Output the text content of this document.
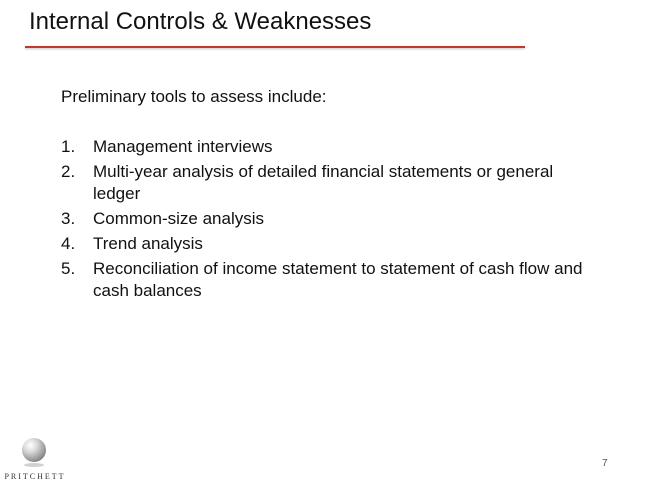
Internal Controls & Weaknesses
Preliminary tools to assess include:
1.	Management interviews
2.	Multi-year analysis of detailed financial statements or general ledger
3.	Common-size analysis
4.	Trend analysis
5.	Reconciliation of income statement to statement of cash flow and cash balances
PRITCHETT
7
